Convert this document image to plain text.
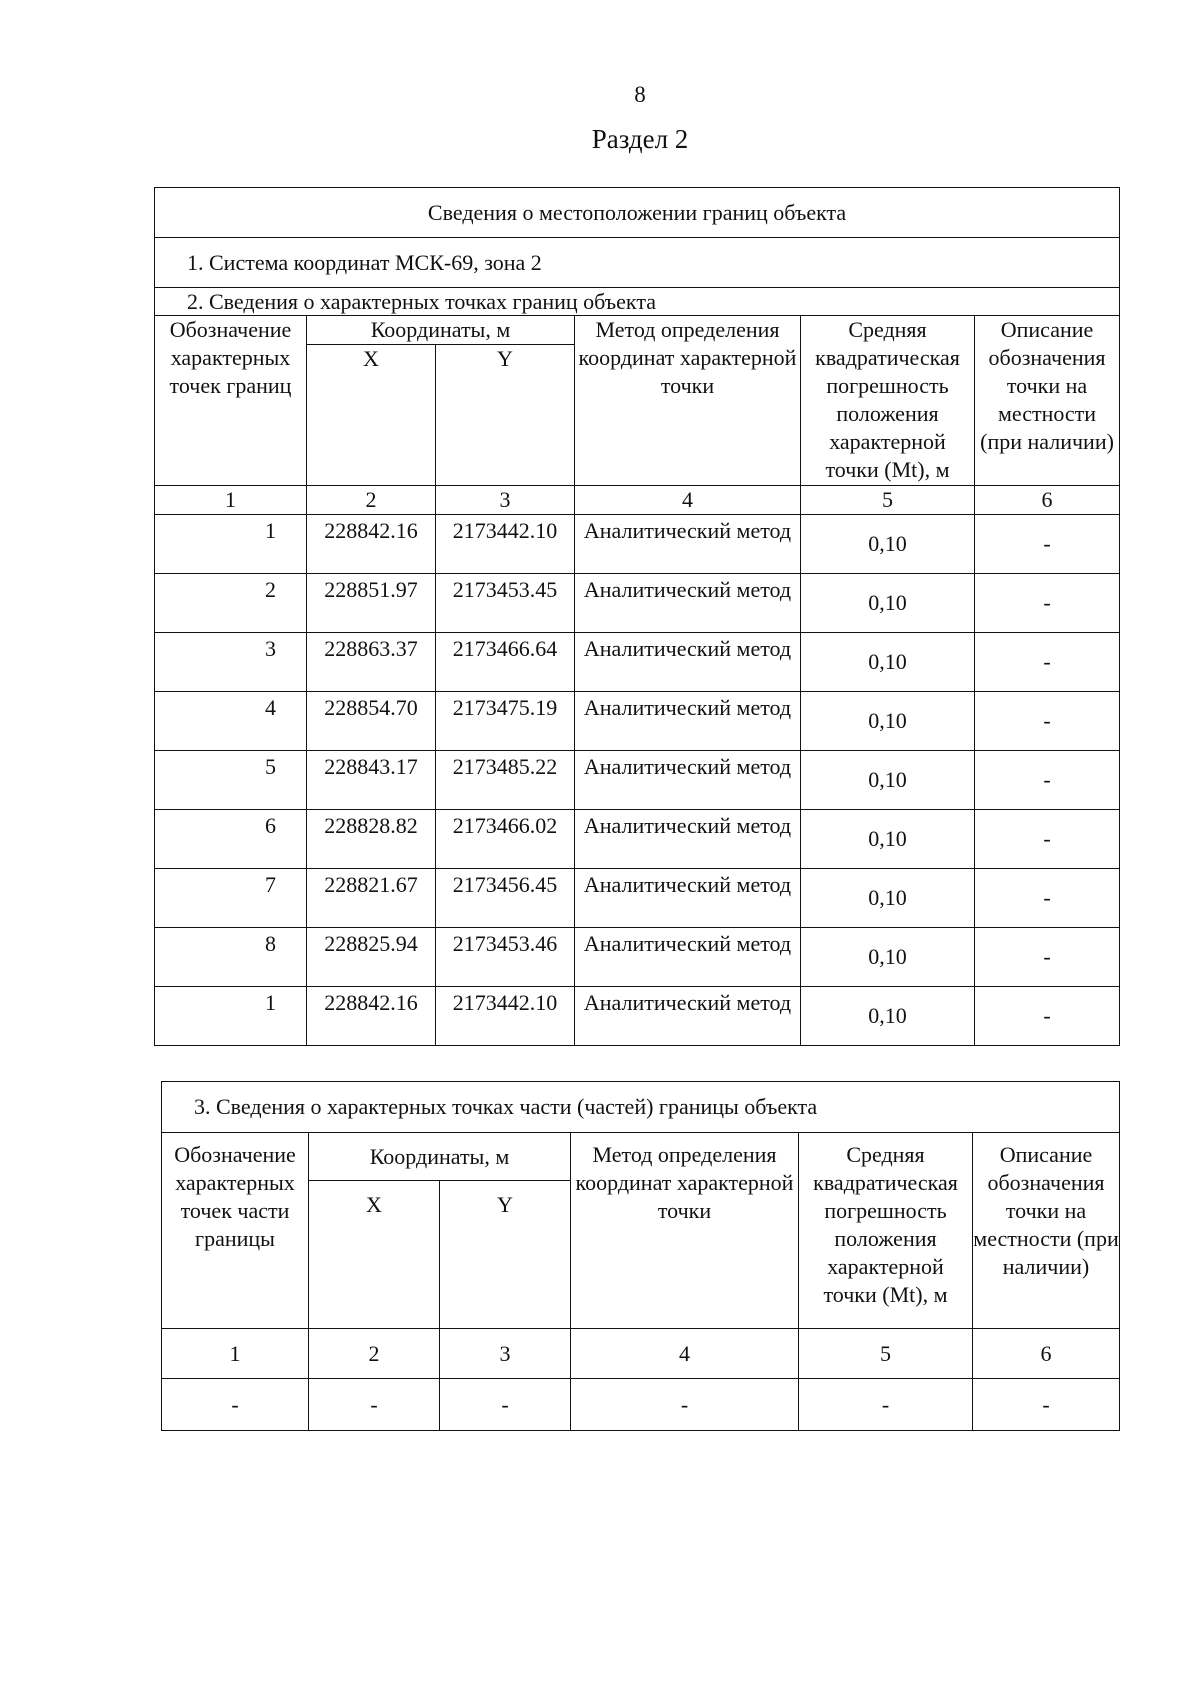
8
Раздел 2
Сведения о местоположении границ объекта					
1. Система координат МСК-69, зона 2					
2. Сведения о характерных точках границ объекта					
Обозначение характерных точек границ	Координаты, м		Метод определения координат характерной точки	Средняя квадратическая погрешность положения характерной точки (Mt), м	Описание обозначения точки на местности (при наличии)
	X	Y			
1	2	3	4	5	6
1	228842.16	2173442.10	Аналитический метод	0,10	-
2	228851.97	2173453.45	Аналитический метод	0,10	-
3	228863.37	2173466.64	Аналитический метод	0,10	-
4	228854.70	2173475.19	Аналитический метод	0,10	-
5	228843.17	2173485.22	Аналитический метод	0,10	-
6	228828.82	2173466.02	Аналитический метод	0,10	-
7	228821.67	2173456.45	Аналитический метод	0,10	-
8	228825.94	2173453.46	Аналитический метод	0,10	-
1	228842.16	2173442.10	Аналитический метод	0,10	-
3. Сведения о характерных точках части (частей) границы объекта					
Обозначение характерных точек части границы	Координаты, м		Метод определения координат характерной точки	Средняя квадратическая погрешность положения характерной точки (Mt), м	Описание обозначения точки на местности (при наличии)
	X	Y			
1	2	3	4	5	6
-	-	-	-	-	-
